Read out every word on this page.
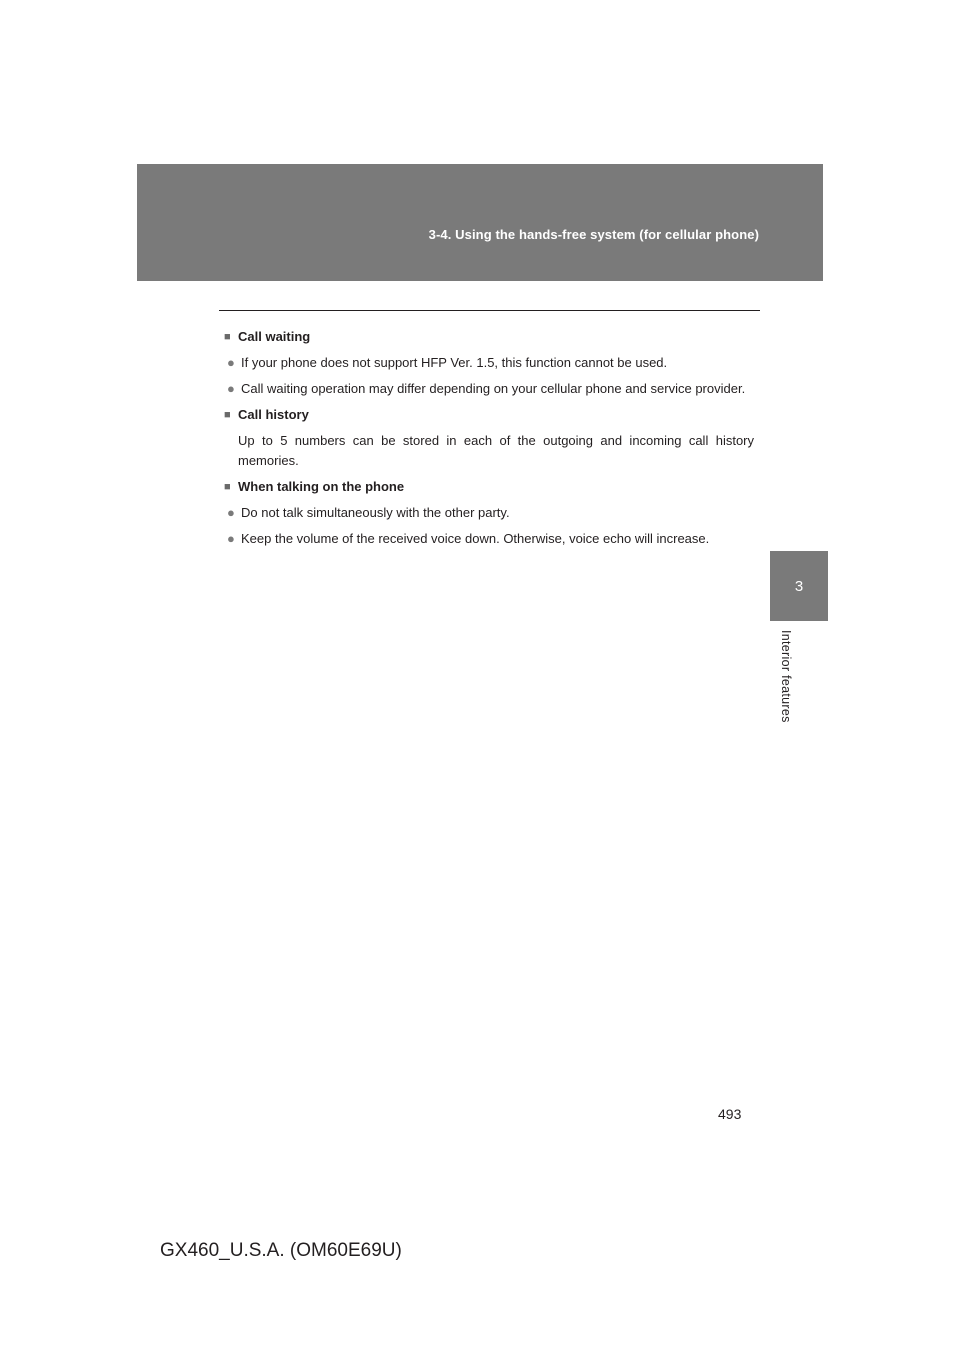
3-4. Using the hands-free system (for cellular phone)
3
Interior features
■ Call waiting
● If your phone does not support HFP Ver. 1.5, this function cannot be used.
● Call waiting operation may differ depending on your cellular phone and service provider.
■ Call history
Up to 5 numbers can be stored in each of the outgoing and incoming call history memories.
■ When talking on the phone
● Do not talk simultaneously with the other party.
● Keep the volume of the received voice down. Otherwise, voice echo will increase.
493
GX460_U.S.A. (OM60E69U)
